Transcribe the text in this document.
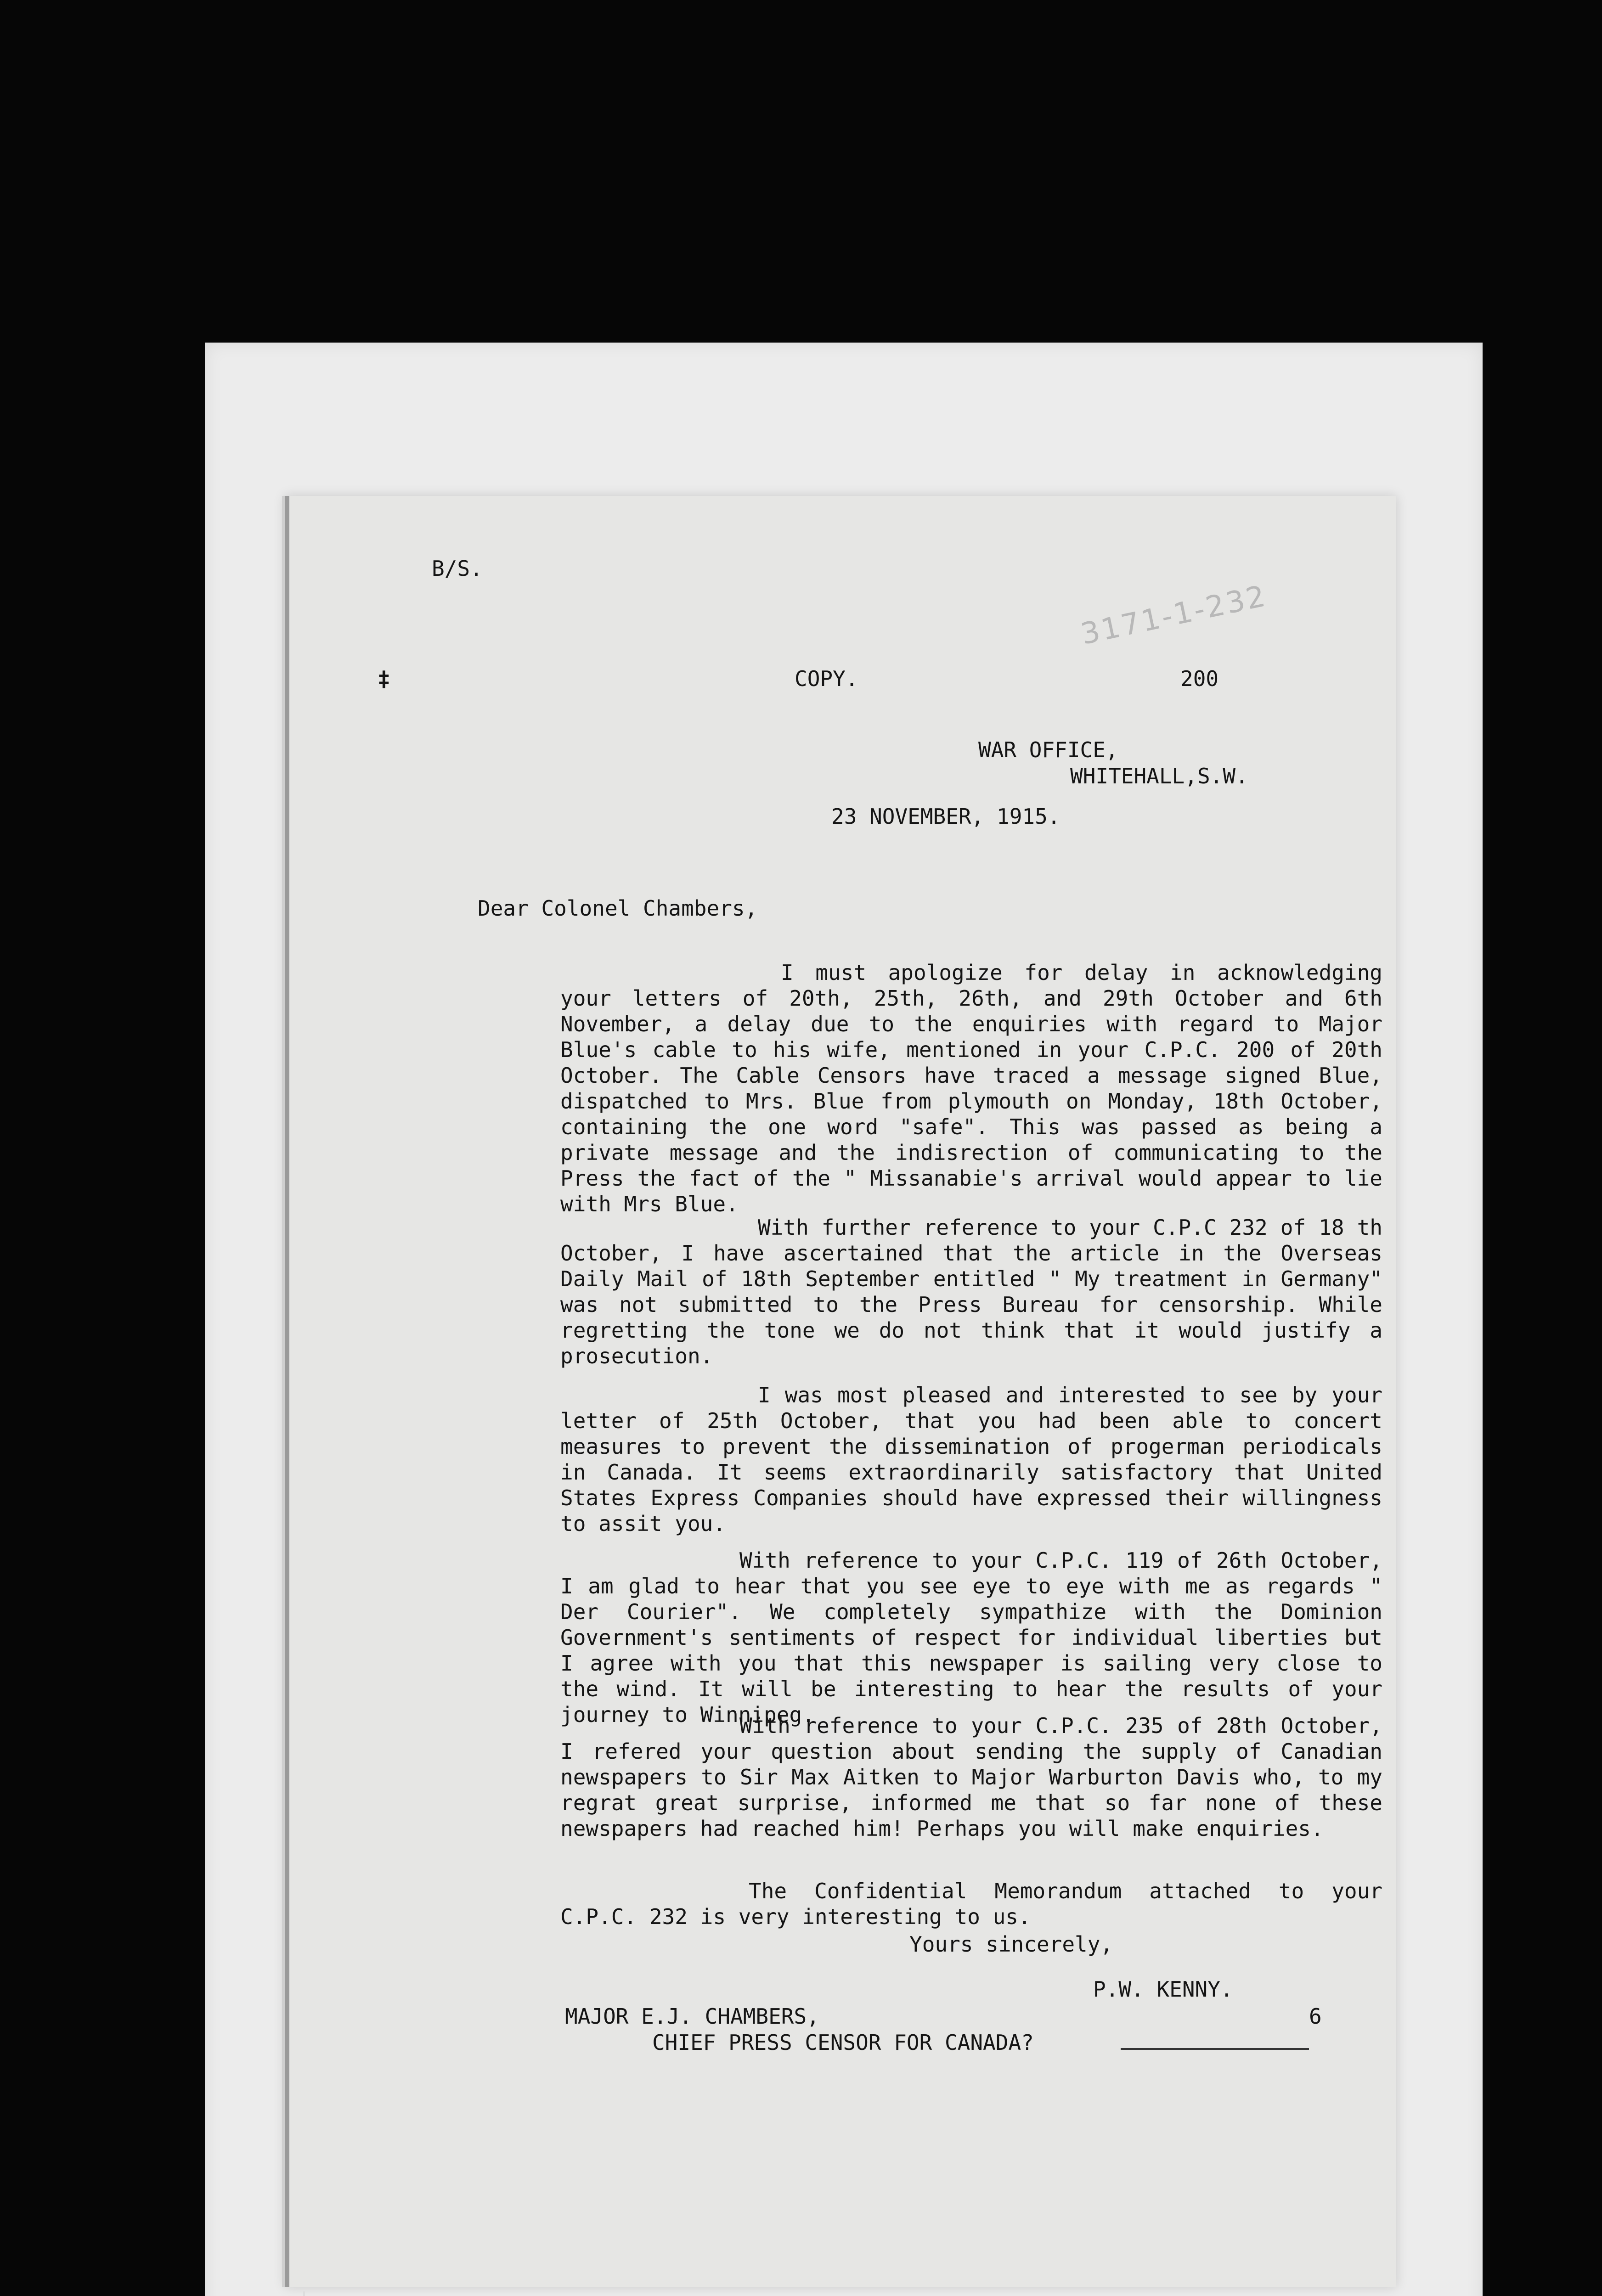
B/S.
‡	COPY.	200
3171-1-232
WAR OFFICE,
WHITEHALL,S.W.
23 NOVEMBER, 1915.
Dear Colonel Chambers,

I must apologize for delay in acknowledging your letters of 20th, 25th, 26th, and 29th October and 6th November, a delay due to the enquiries with regard to Major Blue's cable to his wife, mentioned in your C.P.C. 200 of 20th October. The Cable Censors have traced a message signed Blue, dispatched to Mrs. Blue from plymouth on Monday, 18th October, containing the one word "safe". This was passed as being a private message and the indisrection of communicating to the Press the fact of the " Missanabie's arrival would appear to lie with Mrs Blue.

With further reference to your C.P.C 232 of 18 th October, I have ascertained that the article in the Overseas Daily Mail of 18th September entitled " My treatment in Germany" was not submitted to the Press Bureau for censorship. While regretting the tone we do not think that it would justify a prosecution.

I was most pleased and interested to see by your letter of 25th October, that you had been able to concert measures to prevent the dissemination of progerman periodicals in Canada. It seems extraordinarily satisfactory that United States Express Companies should have expressed their willingness to assit you.

With reference to your C.P.C. 119 of 26th October, I am glad to hear that you see eye to eye with me as regards " Der Courier". We completely sympathize with the Dominion Government's sentiments of respect for individual liberties but I agree with you that this newspaper is sailing very close to the wind. It will be interesting to hear the results of your journey to Winnipeg.

With reference to your C.P.C. 235 of 28th October, I refered your question about sending the supply of Canadian newspapers to Sir Max Aitken to Major Warburton Davis who, to my regrat great surprise, informed me that so far none of these newspapers had reached him! Perhaps you will make enquiries.

The Confidential Memorandum attached to your C.P.C. 232 is very interesting to us.

Yours sincerely,
P.W. KENNY.
MAJOR E.J. CHAMBERS,
CHIEF PRESS CENSOR FOR CANADA?
6
